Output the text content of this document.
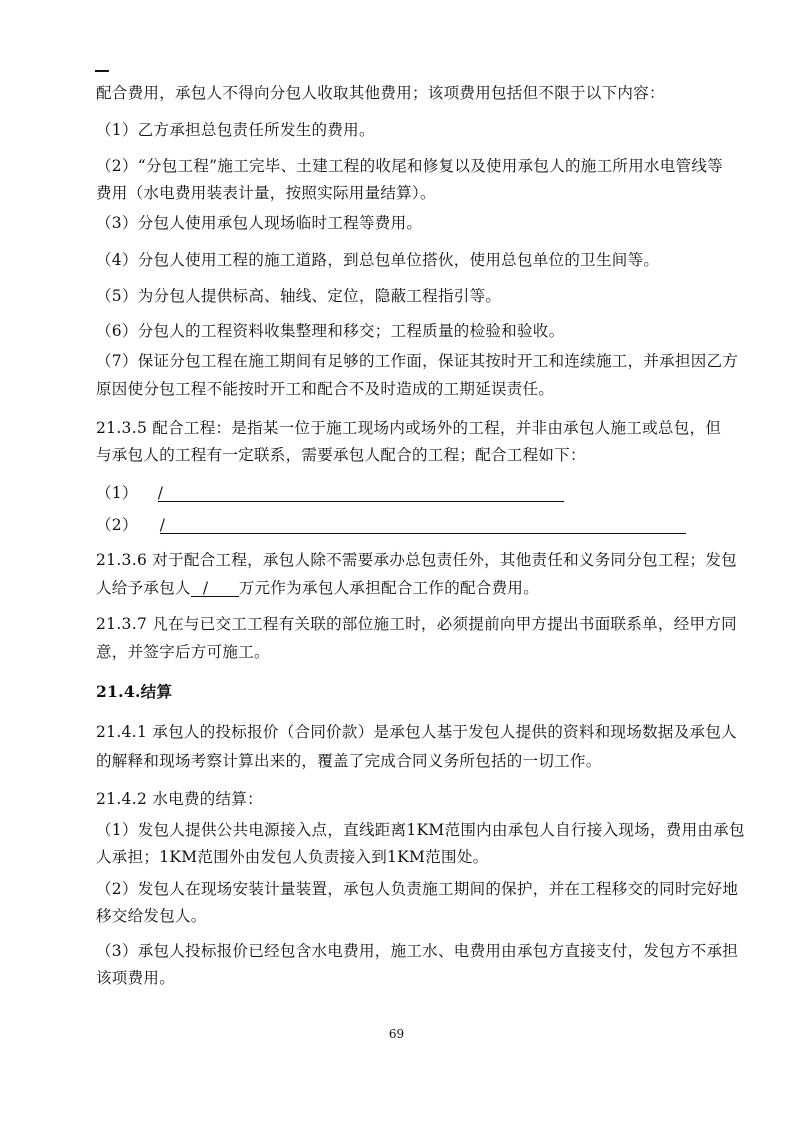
配合费用，承包人不得向分包人收取其他费用；该项费用包括但不限于以下内容：
（1）乙方承担总包责任所发生的费用。
（2）“分包工程”施工完毕、土建工程的收尾和修复以及使用承包人的施工所用水电管线等
费用（水电费用装表计量，按照实际用量结算）。
（3）分包人使用承包人现场临时工程等费用。
（4）分包人使用工程的施工道路，到总包单位搭伙，使用总包单位的卫生间等。
（5）为分包人提供标高、轴线、定位，隐蔽工程指引等。
（6）分包人的工程资料收集整理和移交；工程质量的检验和验收。
（7）保证分包工程在施工期间有足够的工作面，保证其按时开工和连续施工，并承担因乙方
原因使分包工程不能按时开工和配合不及时造成的工期延误责任。
21.3.5 配合工程：是指某一位于施工现场内或场外的工程，并非由承包人施工或总包，但
与承包人的工程有一定联系，需要承包人配合的工程；配合工程如下：
（1） /
（2） /
21.3.6 对于配合工程，承包人除不需要承办总包责任外，其他责任和义务同分包工程；发包
人给予承包人 / 万元作为承包人承担配合工作的配合费用。
21.3.7 凡在与已交工工程有关联的部位施工时，必须提前向甲方提出书面联系单，经甲方同
意，并签字后方可施工。
21.4.结算
21.4.1 承包人的投标报价（合同价款）是承包人基于发包人提供的资料和现场数据及承包人
的解释和现场考察计算出来的，覆盖了完成合同义务所包括的一切工作。
21.4.2 水电费的结算：
（1）发包人提供公共电源接入点，直线距离1KM范围内由承包人自行接入现场，费用由承包
人承担；1KM范围外由发包人负责接入到1KM范围处。
（2）发包人在现场安装计量装置，承包人负责施工期间的保护，并在工程移交的同时完好地
移交给发包人。
（3）承包人投标报价已经包含水电费用，施工水、电费用由承包方直接支付，发包方不承担
该项费用。
69
